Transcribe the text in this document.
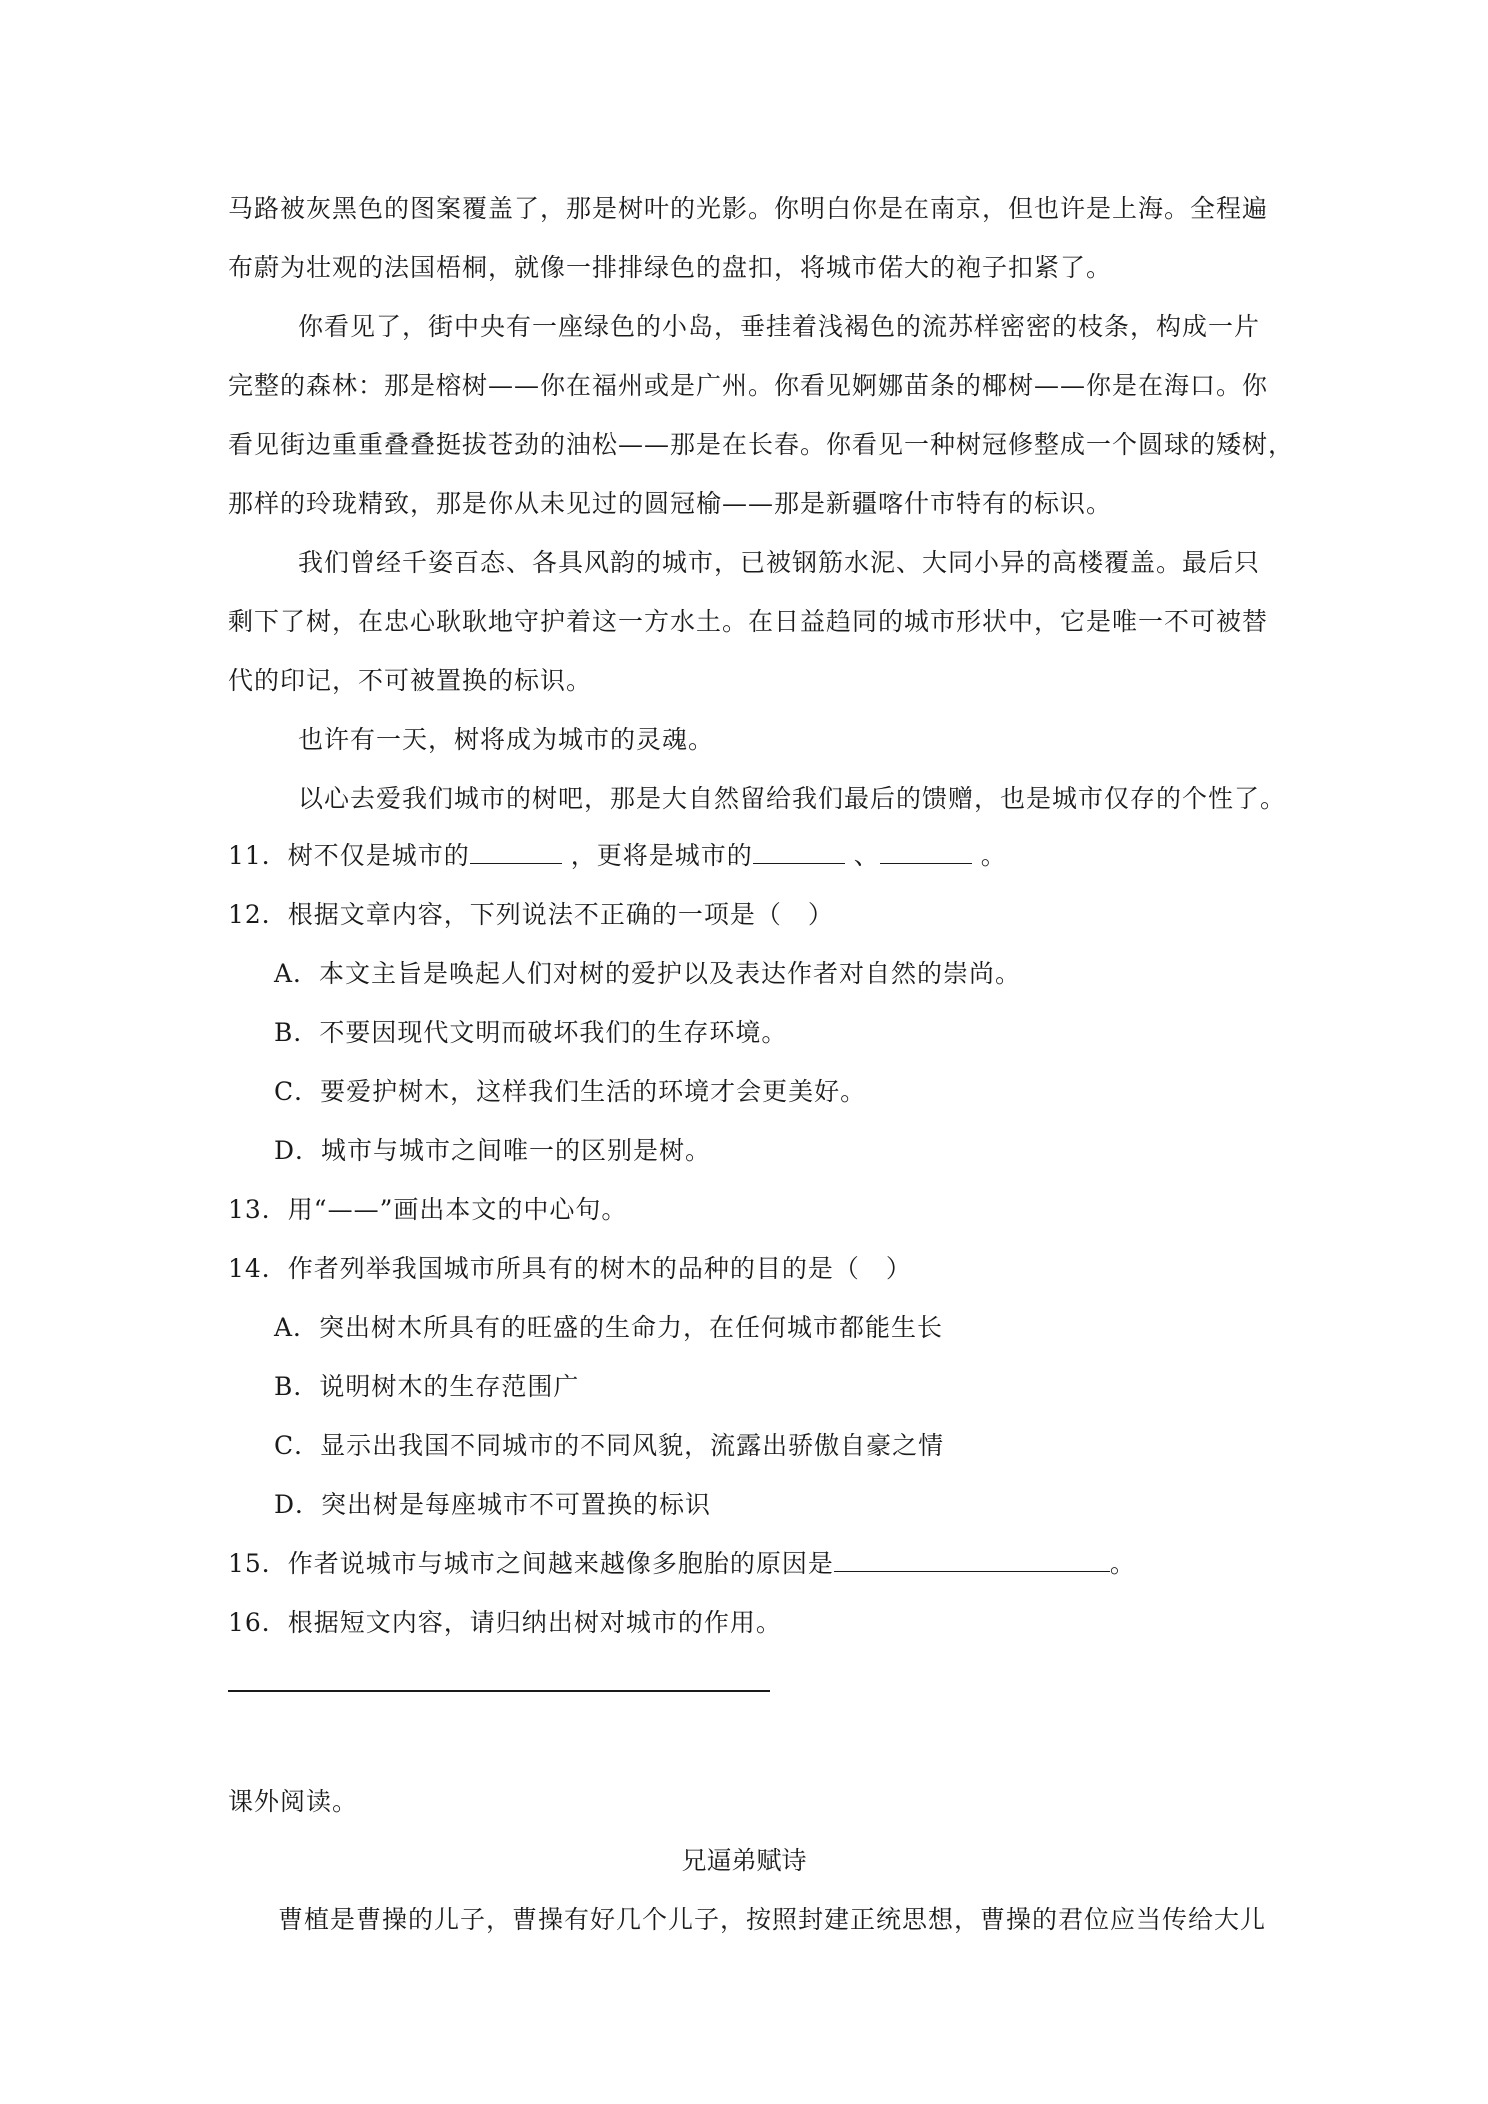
马路被灰黑色的图案覆盖了，那是树叶的光影。你明白你是在南京，但也许是上海。全程遍
布蔚为壮观的法国梧桐，就像一排排绿色的盘扣，将城市偌大的袍子扣紧了。
你看见了，街中央有一座绿色的小岛，垂挂着浅褐色的流苏样密密的枝条，构成一片
完整的森林：那是榕树——你在福州或是广州。你看见婀娜苗条的椰树——你是在海口。你
看见街边重重叠叠挺拔苍劲的油松——那是在长春。你看见一种树冠修整成一个圆球的矮树，
那样的玲珑精致，那是你从未见过的圆冠榆——那是新疆喀什市特有的标识。
我们曾经千姿百态、各具风韵的城市，已被钢筋水泥、大同小异的高楼覆盖。最后只
剩下了树，在忠心耿耿地守护着这一方水土。在日益趋同的城市形状中，它是唯一不可被替
代的印记，不可被置换的标识。
也许有一天，树将成为城市的灵魂。
以心去爱我们城市的树吧，那是大自然留给我们最后的馈赠，也是城市仅存的个性了。
11．树不仅是城市的	，更将是城市的	、	。
12．根据文章内容，下列说法不正确的一项是（　）
A．本文主旨是唤起人们对树的爱护以及表达作者对自然的崇尚。
B．不要因现代文明而破坏我们的生存环境。
C．要爱护树木，这样我们生活的环境才会更美好。
D．城市与城市之间唯一的区别是树。
13．用“——”画出本文的中心句。
14．作者列举我国城市所具有的树木的品种的目的是（　）
A．突出树木所具有的旺盛的生命力，在任何城市都能生长
B．说明树木的生存范围广
C．显示出我国不同城市的不同风貌，流露出骄傲自豪之情
D．突出树是每座城市不可置换的标识
15．作者说城市与城市之间越来越像多胞胎的原因是	。
16．根据短文内容，请归纳出树对城市的作用。
课外阅读。
兄逼弟赋诗
曹植是曹操的儿子，曹操有好几个儿子，按照封建正统思想，曹操的君位应当传给大儿
